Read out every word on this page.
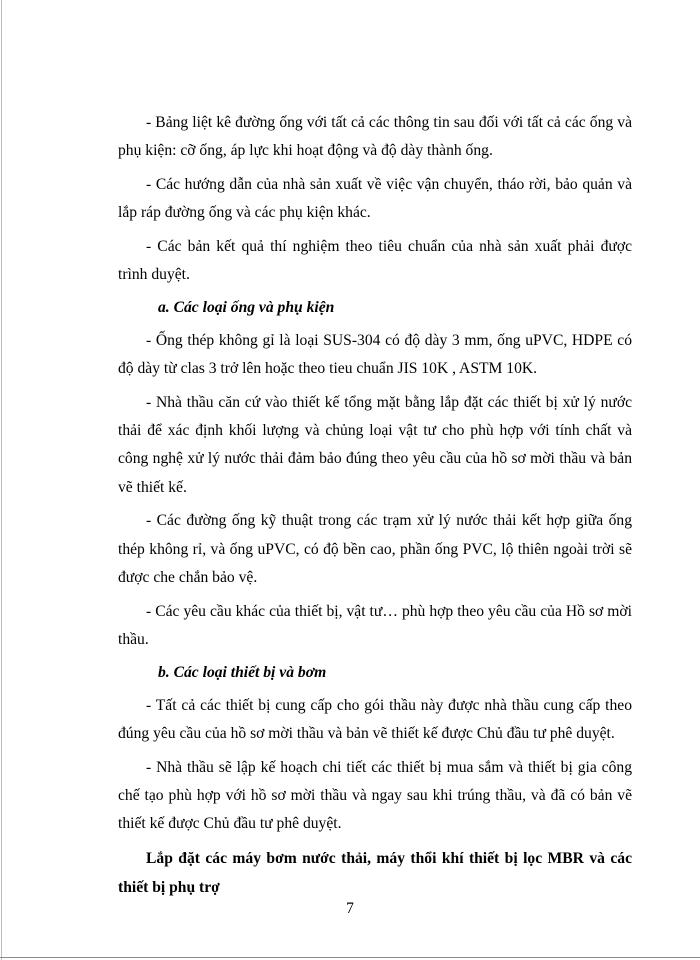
- Bảng liệt kê đường ống với tất cả các thông tin sau đối với tất cả các ống và phụ kiện: cỡ ống, áp lực khi hoạt động và độ dày thành ống.

- Các hướng dẫn của nhà sản xuất về việc vận chuyển, tháo rời, bảo quản và lắp ráp đường ống và các phụ kiện khác.

- Các bản kết quả thí nghiệm theo tiêu chuẩn của nhà sản xuất phải được trình duyệt.

a. Các loại ống và phụ kiện

- Ống thép không gỉ là loại SUS-304 có độ dày 3 mm, ống uPVC, HDPE có độ dày từ clas 3 trở lên hoặc theo tieu chuẩn JIS 10K , ASTM 10K.

- Nhà thầu căn cứ vào thiết kế tổng mặt bằng lắp đặt các thiết bị xử lý nước thải để xác định khối lượng và chủng loại vật tư cho phù hợp với tính chất và công nghệ xử lý nước thải đảm bảo đúng theo yêu cầu của hồ sơ mời thầu và bản vẽ thiết kế.

- Các đường ống kỹ thuật trong các trạm xử lý nước thải kết hợp giữa ống thép không rỉ, và ống uPVC, có độ bền cao, phần ống PVC, lộ thiên ngoài trời sẽ được che chắn bảo vệ.

- Các yêu cầu khác của thiết bị, vật tư… phù hợp theo yêu cầu của Hồ sơ mời thầu.

b. Các loại thiết bị và bơm

- Tất cả các thiết bị cung cấp cho gói thầu này được nhà thầu cung cấp theo đúng yêu cầu của hồ sơ mời thầu và bản vẽ thiết kế được Chủ đầu tư phê duyệt.

- Nhà thầu sẽ lập kế hoạch chi tiết các thiết bị mua sắm và thiết bị gia công chế tạo phù hợp với hồ sơ mời thầu và ngay sau khi trúng thầu, và đã có bản vẽ thiết kế được Chủ đầu tư phê duyệt.

Lắp đặt các máy bơm nước thải, máy thổi khí thiết bị lọc MBR và các thiết bị phụ trợ

7
